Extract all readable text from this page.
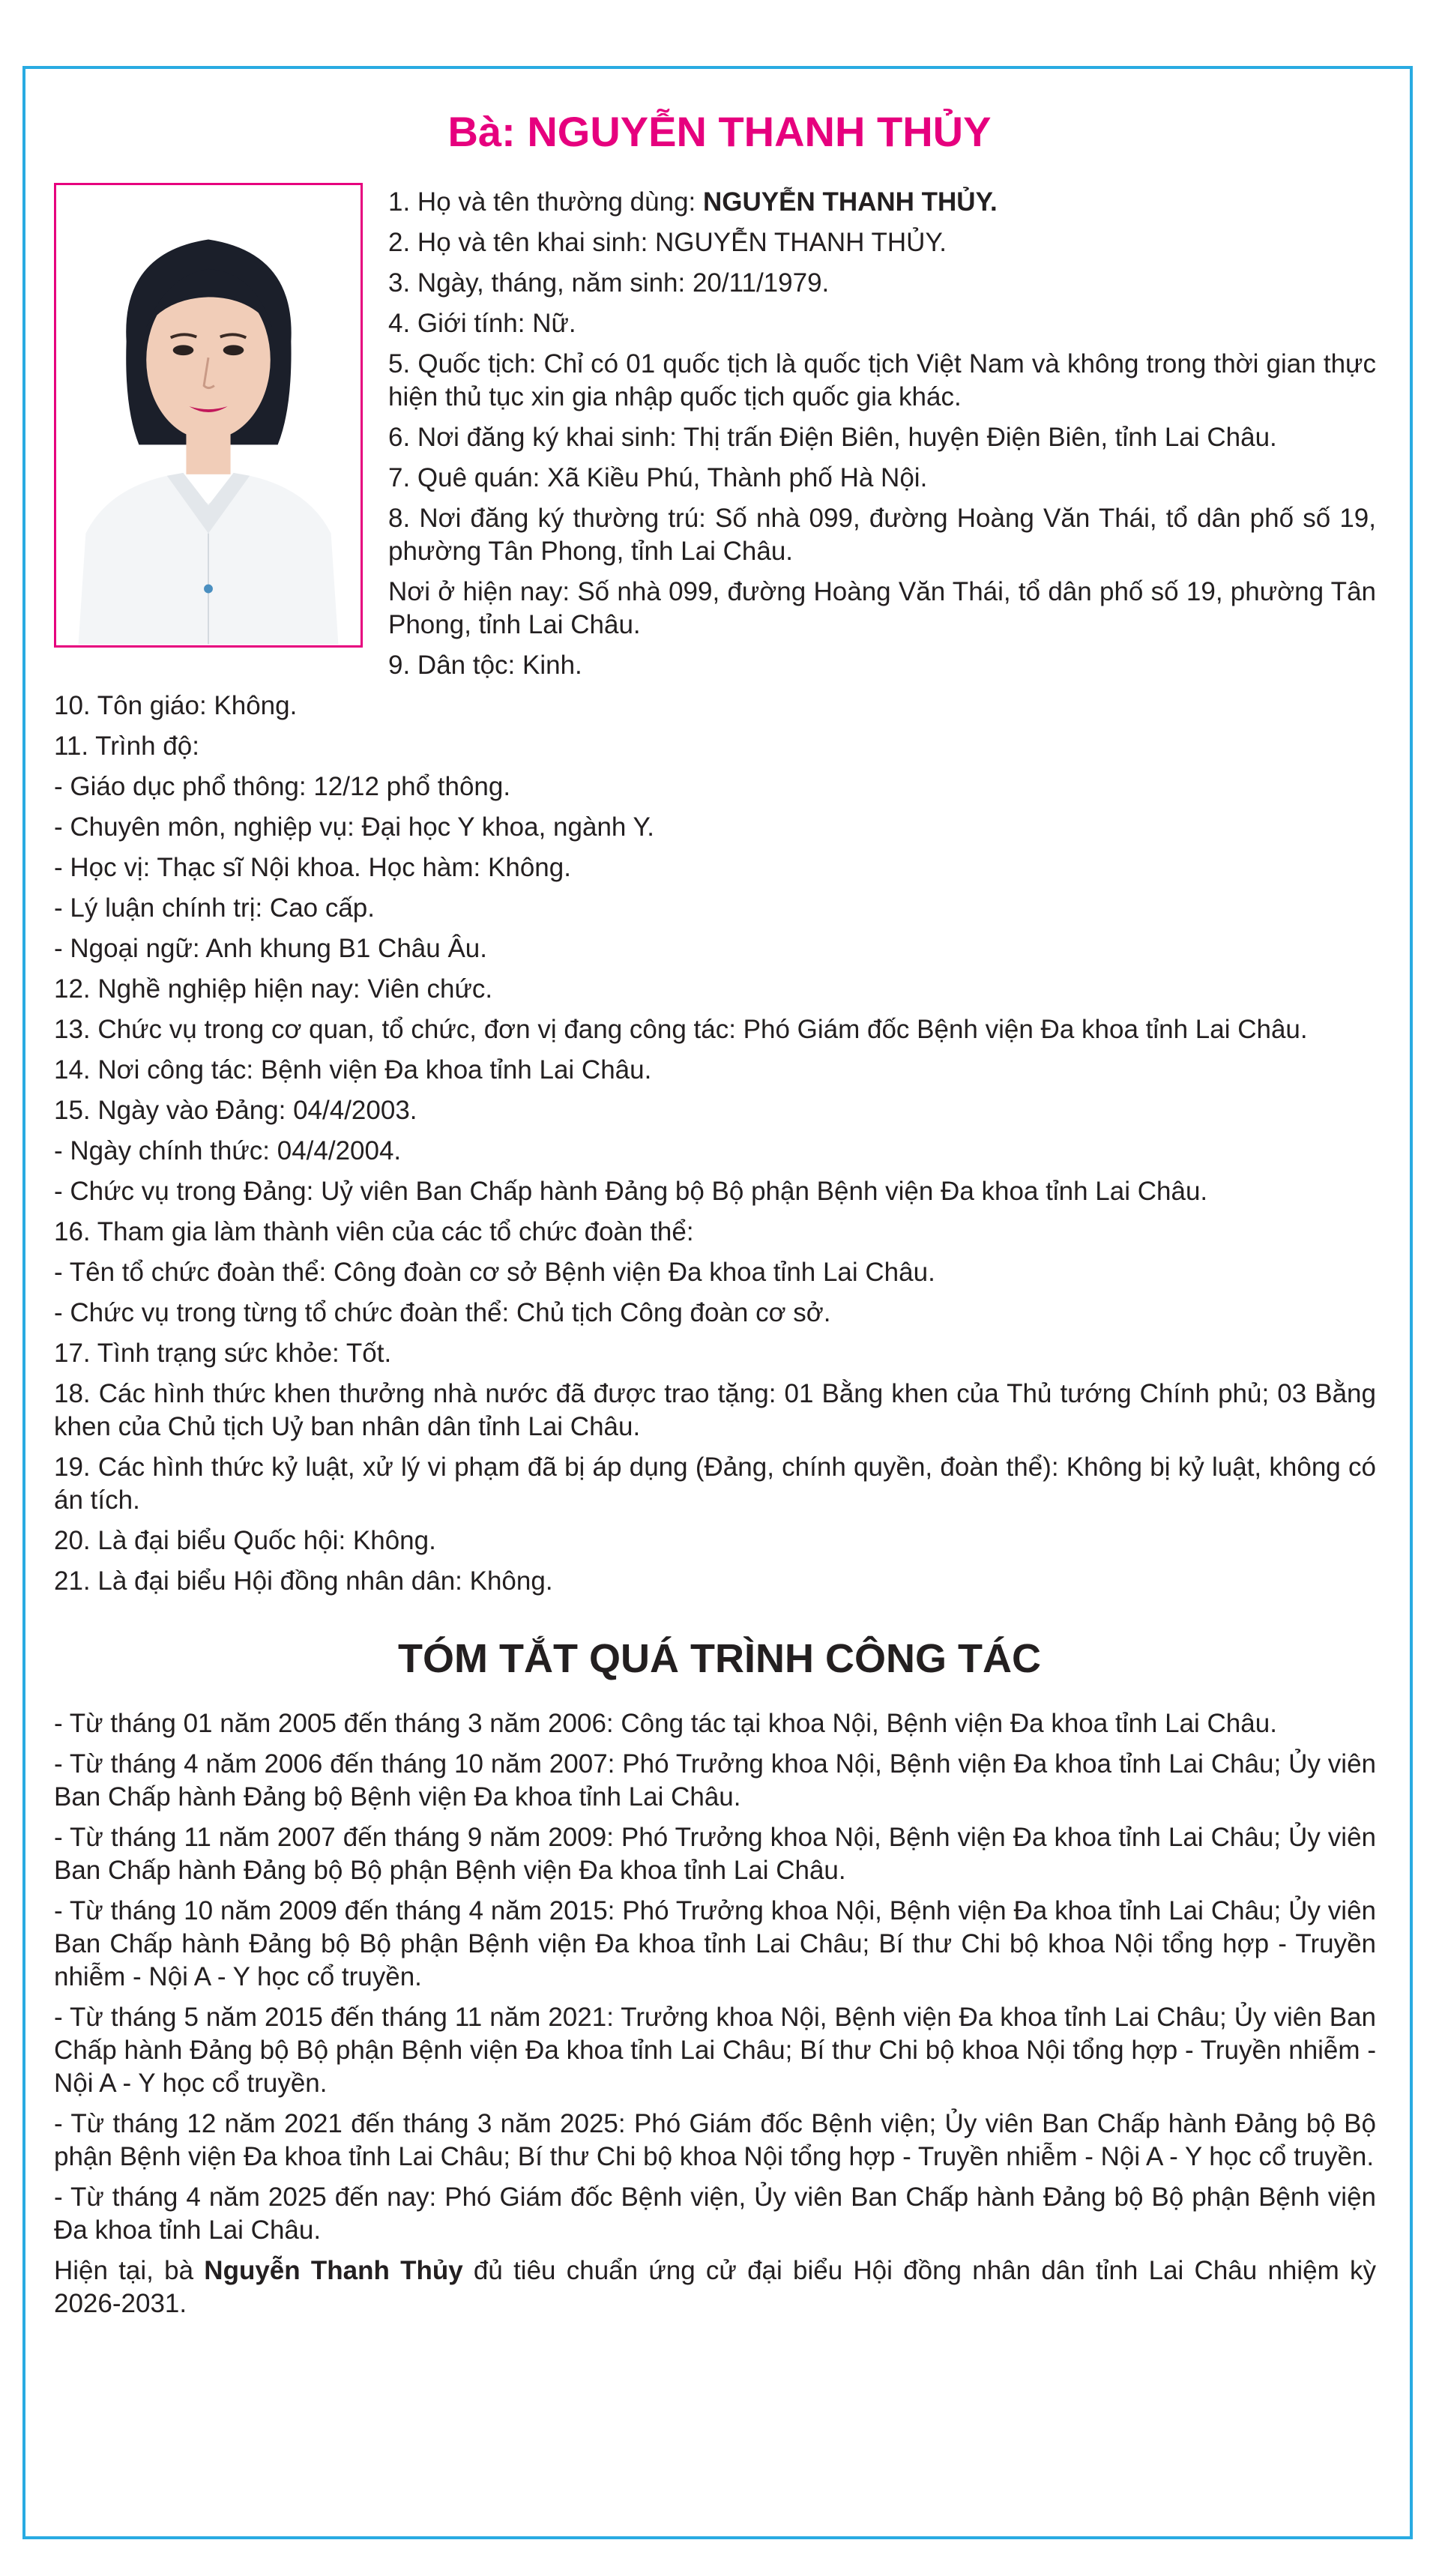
Bà: NGUYỄN THANH THỦY

1. Họ và tên thường dùng: NGUYỄN THANH THỦY.

2. Họ và tên khai sinh: NGUYỄN THANH THỦY.

3. Ngày, tháng, năm sinh: 20/11/1979.

4. Giới tính: Nữ.

5. Quốc tịch: Chỉ có 01 quốc tịch là quốc tịch Việt Nam và không trong thời gian thực hiện thủ tục xin gia nhập quốc tịch quốc gia khác.

6. Nơi đăng ký khai sinh: Thị trấn Điện Biên, huyện Điện Biên, tỉnh Lai Châu.

7. Quê quán: Xã Kiều Phú, Thành phố Hà Nội.

8. Nơi đăng ký thường trú: Số nhà 099, đường Hoàng Văn Thái, tổ dân phố số 19, phường Tân Phong, tỉnh Lai Châu.

Nơi ở hiện nay: Số nhà 099, đường Hoàng Văn Thái, tổ dân phố số 19, phường Tân Phong, tỉnh Lai Châu.

9. Dân tộc: Kinh.

10. Tôn giáo: Không.

11. Trình độ:

- Giáo dục phổ thông: 12/12 phổ thông.

- Chuyên môn, nghiệp vụ: Đại học Y khoa, ngành Y.

- Học vị: Thạc sĩ Nội khoa. Học hàm: Không.

- Lý luận chính trị: Cao cấp.

- Ngoại ngữ: Anh khung B1 Châu Âu.

12. Nghề nghiệp hiện nay: Viên chức.

13. Chức vụ trong cơ quan, tổ chức, đơn vị đang công tác: Phó Giám đốc Bệnh viện Đa khoa tỉnh Lai Châu.

14. Nơi công tác: Bệnh viện Đa khoa tỉnh Lai Châu.

15. Ngày vào Đảng: 04/4/2003.

- Ngày chính thức: 04/4/2004.

- Chức vụ trong Đảng: Uỷ viên Ban Chấp hành Đảng bộ Bộ phận Bệnh viện Đa khoa tỉnh Lai Châu.

16. Tham gia làm thành viên của các tổ chức đoàn thể:

- Tên tổ chức đoàn thể: Công đoàn cơ sở Bệnh viện Đa khoa tỉnh Lai Châu.

- Chức vụ trong từng tổ chức đoàn thể: Chủ tịch Công đoàn cơ sở.

17. Tình trạng sức khỏe: Tốt.

18. Các hình thức khen thưởng nhà nước đã được trao tặng: 01 Bằng khen của Thủ tướng Chính phủ; 03 Bằng khen của Chủ tịch Uỷ ban nhân dân tỉnh Lai Châu.

19. Các hình thức kỷ luật, xử lý vi phạm đã bị áp dụng (Đảng, chính quyền, đoàn thể): Không bị kỷ luật, không có án tích.

20. Là đại biểu Quốc hội: Không.

21. Là đại biểu Hội đồng nhân dân: Không.

TÓM TẮT QUÁ TRÌNH CÔNG TÁC

- Từ tháng 01 năm 2005 đến tháng 3 năm 2006: Công tác tại khoa Nội, Bệnh viện Đa khoa tỉnh Lai Châu.

- Từ tháng 4 năm 2006 đến tháng 10 năm 2007: Phó Trưởng khoa Nội, Bệnh viện Đa khoa tỉnh Lai Châu; Ủy viên Ban Chấp hành Đảng bộ Bệnh viện Đa khoa tỉnh Lai Châu.

- Từ tháng 11 năm 2007 đến tháng 9 năm 2009: Phó Trưởng khoa Nội, Bệnh viện Đa khoa tỉnh Lai Châu; Ủy viên Ban Chấp hành Đảng bộ Bộ phận Bệnh viện Đa khoa tỉnh Lai Châu.

- Từ tháng 10 năm 2009 đến tháng 4 năm 2015: Phó Trưởng khoa Nội, Bệnh viện Đa khoa tỉnh Lai Châu; Ủy viên Ban Chấp hành Đảng bộ Bộ phận Bệnh viện Đa khoa tỉnh Lai Châu; Bí thư Chi bộ khoa Nội tổng hợp - Truyền nhiễm - Nội A - Y học cổ truyền.

- Từ tháng 5 năm 2015 đến tháng 11 năm 2021: Trưởng khoa Nội, Bệnh viện Đa khoa tỉnh Lai Châu; Ủy viên Ban Chấp hành Đảng bộ Bộ phận Bệnh viện Đa khoa tỉnh Lai Châu; Bí thư Chi bộ khoa Nội tổng hợp - Truyền nhiễm - Nội A - Y học cổ truyền.

- Từ tháng 12 năm 2021 đến tháng 3 năm 2025: Phó Giám đốc Bệnh viện; Ủy viên Ban Chấp hành Đảng bộ Bộ phận Bệnh viện Đa khoa tỉnh Lai Châu; Bí thư Chi bộ khoa Nội tổng hợp - Truyền nhiễm - Nội A - Y học cổ truyền.

- Từ tháng 4 năm 2025 đến nay: Phó Giám đốc Bệnh viện, Ủy viên Ban Chấp hành Đảng bộ Bộ phận Bệnh viện Đa khoa tỉnh Lai Châu.

Hiện tại, bà Nguyễn Thanh Thủy đủ tiêu chuẩn ứng cử đại biểu Hội đồng nhân dân tỉnh Lai Châu nhiệm kỳ 2026-2031.
